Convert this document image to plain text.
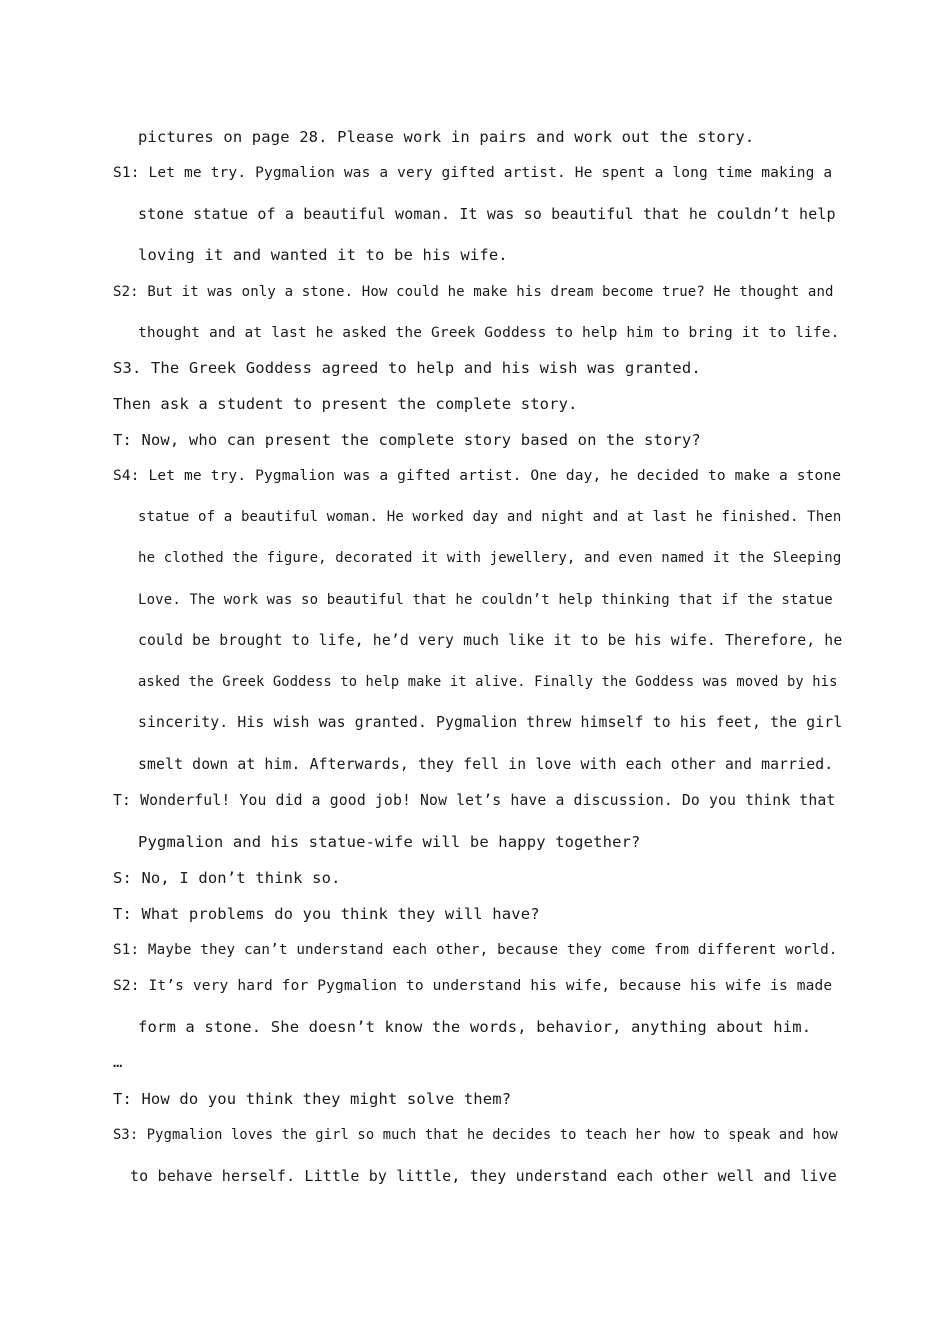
pictures on page 28. Please work in pairs and work out the story.
S1: Let me try. Pygmalion was a very gifted artist. He spent a long time making a
stone statue of a beautiful woman. It was so beautiful that he couldn’t help
loving it and wanted it to be his wife.
S2: But it was only a stone. How could he make his dream become true? He thought and
thought and at last he asked the Greek Goddess to help him to bring it to life.
S3. The Greek Goddess agreed to help and his wish was granted.
Then ask a student to present the complete story.
T: Now, who can present the complete story based on the story?
S4: Let me try. Pygmalion was a gifted artist. One day, he decided to make a stone
statue of a beautiful woman. He worked day and night and at last he finished. Then
he clothed the figure, decorated it with jewellery, and even named it the Sleeping
Love. The work was so beautiful that he couldn’t help thinking that if the statue
could be brought to life, he’d very much like it to be his wife. Therefore, he
asked the Greek Goddess to help make it alive. Finally the Goddess was moved by his
sincerity. His wish was granted. Pygmalion threw himself to his feet, the girl
smelt down at him. Afterwards, they fell in love with each other and married.
T: Wonderful! You did a good job! Now let’s have a discussion. Do you think that
Pygmalion and his statue-wife will be happy together?
S: No, I don’t think so.
T: What problems do you think they will have?
S1: Maybe they can’t understand each other, because they come from different world.
S2: It’s very hard for Pygmalion to understand his wife, because his wife is made
form a stone. She doesn’t know the words, behavior, anything about him.
…
T: How do you think they might solve them?
S3: Pygmalion loves the girl so much that he decides to teach her how to speak and how
to behave herself. Little by little, they understand each other well and live
